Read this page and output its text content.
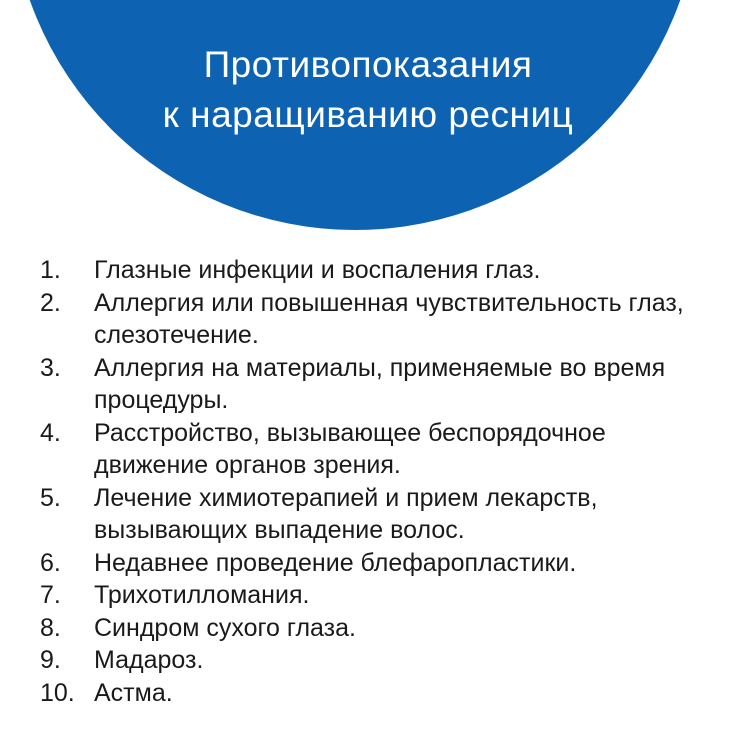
Противопоказания
к наращиванию ресниц
1.	Глазные инфекции и воспаления глаз.
2.	Аллергия или повышенная чувствительность глаз, слезотечение.
3.	Аллергия на материалы, применяемые во время процедуры.
4.	Расстройство, вызывающее беспорядочное движение органов зрения.
5.	Лечение химиотерапией и прием лекарств, вызывающих выпадение волос.
6.	Недавнее проведение блефаропластики.
7.	Трихотилломания.
8.	Синдром сухого глаза.
9.	Мадароз.
10. Астма.
